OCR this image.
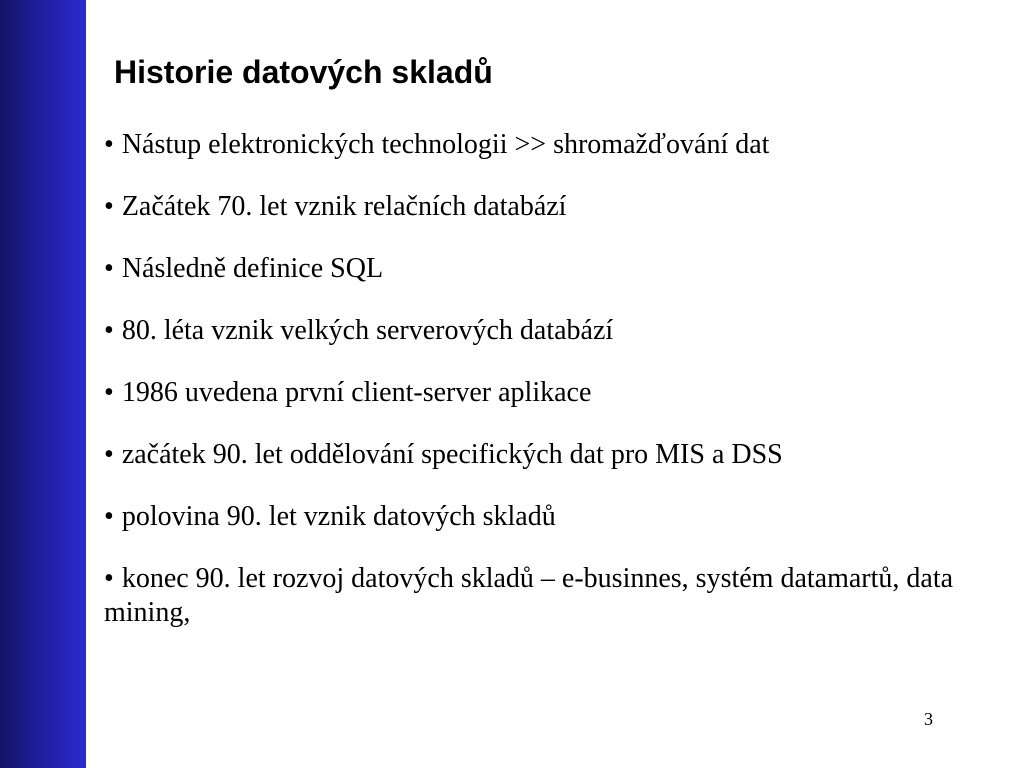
Historie datových skladů
• Nástup elektronických technologii >> shromažďování dat
• Začátek 70. let vznik relačních databází
• Následně definice SQL
• 80. léta vznik velkých serverových databází
• 1986 uvedena první client-server aplikace
• začátek 90. let oddělování specifických dat pro MIS a DSS
• polovina 90. let vznik datových skladů
• konec 90. let rozvoj datových skladů – e-businnes, systém datamartů, data mining,
3
